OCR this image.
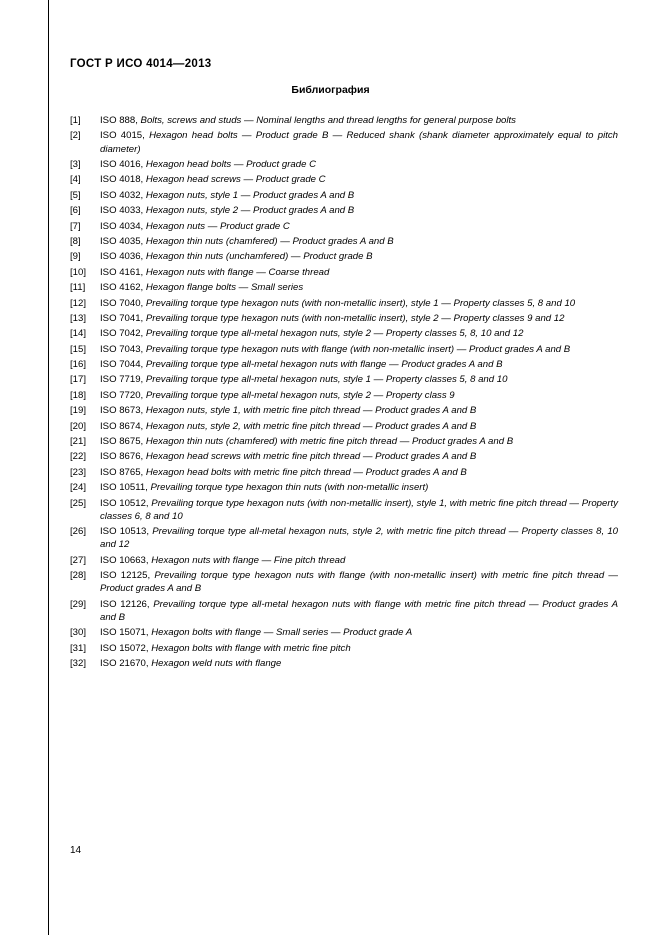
ГОСТ Р ИСО 4014—2013
Библиография
[1]	ISO 888, Bolts, screws and studs — Nominal lengths and thread lengths for general purpose bolts
[2]	ISO 4015, Hexagon head bolts — Product grade B — Reduced shank (shank diameter approximately equal to pitch diameter)
[3]	ISO 4016, Hexagon head bolts — Product grade C
[4]	ISO 4018, Hexagon head screws — Product grade C
[5]	ISO 4032, Hexagon nuts, style 1 — Product grades A and B
[6]	ISO 4033, Hexagon nuts, style 2 — Product grades A and B
[7]	ISO 4034, Hexagon nuts — Product grade C
[8]	ISO 4035, Hexagon thin nuts (chamfered) — Product grades A and B
[9]	ISO 4036, Hexagon thin nuts (unchamfered) — Product grade B
[10]	ISO 4161, Hexagon nuts with flange — Coarse thread
[11]	ISO 4162, Hexagon flange bolts — Small series
[12]	ISO 7040, Prevailing torque type hexagon nuts (with non-metallic insert), style 1 — Property classes 5, 8 and 10
[13]	ISO 7041, Prevailing torque type hexagon nuts (with non-metallic insert), style 2 — Property classes 9 and 12
[14]	ISO 7042, Prevailing torque type all-metal hexagon nuts, style 2 — Property classes 5, 8, 10 and 12
[15]	ISO 7043, Prevailing torque type hexagon nuts with flange (with non-metallic insert) — Product grades A and B
[16]	ISO 7044, Prevailing torque type all-metal hexagon nuts with flange — Product grades A and B
[17]	ISO 7719, Prevailing torque type all-metal hexagon nuts, style 1 — Property classes 5, 8 and 10
[18]	ISO 7720, Prevailing torque type all-metal hexagon nuts, style 2 — Property class 9
[19]	ISO 8673, Hexagon nuts, style 1, with metric fine pitch thread — Product grades A and B
[20]	ISO 8674, Hexagon nuts, style 2, with metric fine pitch thread — Product grades A and B
[21]	ISO 8675, Hexagon thin nuts (chamfered) with metric fine pitch thread — Product grades A and B
[22]	ISO 8676, Hexagon head screws with metric fine pitch thread — Product grades A and B
[23]	ISO 8765, Hexagon head bolts with metric fine pitch thread — Product grades A and B
[24]	ISO 10511, Prevailing torque type hexagon thin nuts (with non-metallic insert)
[25]	ISO 10512, Prevailing torque type hexagon nuts (with non-metallic insert), style 1, with metric fine pitch thread — Property classes 6, 8 and 10
[26]	ISO 10513, Prevailing torque type all-metal hexagon nuts, style 2, with metric fine pitch thread — Property classes 8, 10 and 12
[27]	ISO 10663, Hexagon nuts with flange — Fine pitch thread
[28]	ISO 12125, Prevailing torque type hexagon nuts with flange (with non-metallic insert) with metric fine pitch thread — Product grades A and B
[29]	ISO 12126, Prevailing torque type all-metal hexagon nuts with flange with metric fine pitch thread — Product grades A and B
[30]	ISO 15071, Hexagon bolts with flange — Small series — Product grade A
[31]	ISO 15072, Hexagon bolts with flange with metric fine pitch
[32]	ISO 21670, Hexagon weld nuts with flange
14
